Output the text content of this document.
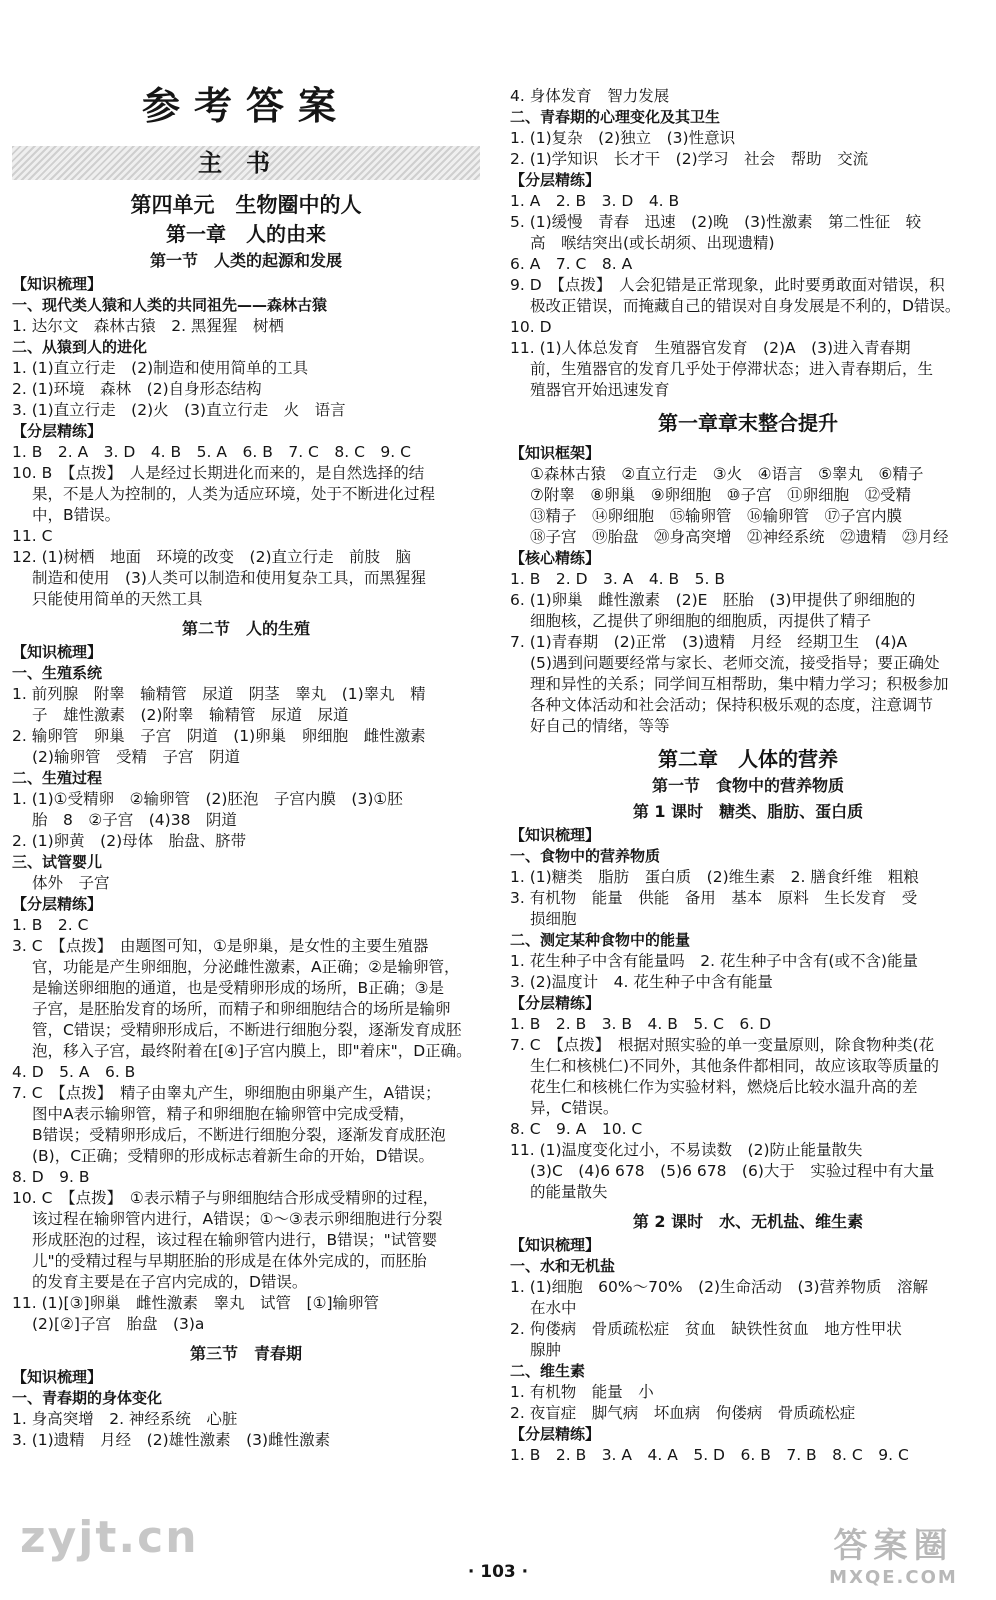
参考答案
主书
第四单元　生物圈中的人
第一章　人的由来
第一节　人类的起源和发展
【知识梳理】
一、现代类人猿和人类的共同祖先——森林古猿
1. 达尔文　森林古猿　2. 黑猩猩　树栖
二、从猿到人的进化
1. (1)直立行走　(2)制造和使用简单的工具
2. (1)环境　森林　(2)自身形态结构
3. (1)直立行走　(2)火　(3)直立行走　火　语言
【分层精练】
1. B　2. A　3. D　4. B　5. A　6. B　7. C　8. C　9. C
10. B　【点拨】　人是经过长期进化而来的，是自然选择的结
果，不是人为控制的，人类为适应环境，处于不断进化过程
中，B错误。
11. C
12. (1)树栖　地面　环境的改变　(2)直立行走　前肢　脑
制造和使用　(3)人类可以制造和使用复杂工具，而黑猩猩
只能使用简单的天然工具
第二节　人的生殖
【知识梳理】
一、生殖系统
1. 前列腺　附睾　输精管　尿道　阴茎　睾丸　(1)睾丸　精
子　雄性激素　(2)附睾　输精管　尿道　尿道
2. 输卵管　卵巢　子宫　阴道　(1)卵巢　卵细胞　雌性激素
(2)输卵管　受精　子宫　阴道
二、生殖过程
1. (1)①受精卵　②输卵管　(2)胚泡　子宫内膜　(3)①胚
胎　8　②子宫　(4)38　阴道
2. (1)卵黄　(2)母体　胎盘、脐带
三、试管婴儿
体外　子宫
【分层精练】
1. B　2. C
3. C　【点拨】　由题图可知，①是卵巢，是女性的主要生殖器
官，功能是产生卵细胞，分泌雌性激素，A正确；②是输卵管，
是输送卵细胞的通道，也是受精卵形成的场所，B正确；③是
子宫，是胚胎发育的场所，而精子和卵细胞结合的场所是输卵
管，C错误；受精卵形成后，不断进行细胞分裂，逐渐发育成胚
泡，移入子宫，最终附着在[④]子宫内膜上，即"着床"，D正确。
4. D　5. A　6. B
7. C　【点拨】　精子由睾丸产生，卵细胞由卵巢产生，A错误；
图中A表示输卵管，精子和卵细胞在输卵管中完成受精，
B错误；受精卵形成后，不断进行细胞分裂，逐渐发育成胚泡
(B)，C正确；受精卵的形成标志着新生命的开始，D错误。
8. D　9. B
10. C　【点拨】　①表示精子与卵细胞结合形成受精卵的过程，
该过程在输卵管内进行，A错误；①～③表示卵细胞进行分裂
形成胚泡的过程，该过程在输卵管内进行，B错误；"试管婴
儿"的受精过程与早期胚胎的形成是在体外完成的，而胚胎
的发育主要是在子宫内完成的，D错误。
11. (1)[③]卵巢　雌性激素　睾丸　试管　[①]输卵管
(2)[②]子宫　胎盘　(3)a
第三节　青春期
【知识梳理】
一、青春期的身体变化
1. 身高突增　2. 神经系统　心脏
3. (1)遗精　月经　(2)雄性激素　(3)雌性激素
4. 身体发育　智力发展
二、青春期的心理变化及其卫生
1. (1)复杂　(2)独立　(3)性意识
2. (1)学知识　长才干　(2)学习　社会　帮助　交流
【分层精练】
1. A　2. B　3. D　4. B
5. (1)缓慢　青春　迅速　(2)晚　(3)性激素　第二性征　较
高　喉结突出(或长胡须、出现遗精)
6. A　7. C　8. A
9. D　【点拨】　人会犯错是正常现象，此时要勇敢面对错误，积
极改正错误，而掩藏自己的错误对自身发展是不利的，D错误。
10. D
11. (1)人体总发育　生殖器官发育　(2)A　(3)进入青春期
前，生殖器官的发育几乎处于停滞状态；进入青春期后，生
殖器官开始迅速发育
第一章章末整合提升
【知识框架】
①森林古猿　②直立行走　③火　④语言　⑤睾丸　⑥精子
⑦附睾　⑧卵巢　⑨卵细胞　⑩子宫　⑪卵细胞　⑫受精
⑬精子　⑭卵细胞　⑮输卵管　⑯输卵管　⑰子宫内膜
⑱子宫　⑲胎盘　⑳身高突增　㉑神经系统　㉒遗精　㉓月经
【核心精练】
1. B　2. D　3. A　4. B　5. B
6. (1)卵巢　雌性激素　(2)E　胚胎　(3)甲提供了卵细胞的
细胞核，乙提供了卵细胞的细胞质，丙提供了精子
7. (1)青春期　(2)正常　(3)遗精　月经　经期卫生　(4)A
(5)遇到问题要经常与家长、老师交流，接受指导；要正确处
理和异性的关系；同学间互相帮助，集中精力学习；积极参加
各种文体活动和社会活动；保持积极乐观的态度，注意调节
好自己的情绪，等等
第二章　人体的营养
第一节　食物中的营养物质
第 1 课时　糖类、脂肪、蛋白质
【知识梳理】
一、食物中的营养物质
1. (1)糖类　脂肪　蛋白质　(2)维生素　2. 膳食纤维　粗粮
3. 有机物　能量　供能　备用　基本　原料　生长发育　受
损细胞
二、测定某种食物中的能量
1. 花生种子中含有能量吗　2. 花生种子中含有(或不含)能量
3. (2)温度计　4. 花生种子中含有能量
【分层精练】
1. B　2. B　3. B　4. B　5. C　6. D
7. C　【点拨】　根据对照实验的单一变量原则，除食物种类(花
生仁和核桃仁)不同外，其他条件都相同，故应该取等质量的
花生仁和核桃仁作为实验材料，燃烧后比较水温升高的差
异，C错误。
8. C　9. A　10. C
11. (1)温度变化过小，不易读数　(2)防止能量散失
(3)C　(4)6 678　(5)6 678　(6)大于　实验过程中有大量
的能量散失
第 2 课时　水、无机盐、维生素
【知识梳理】
一、水和无机盐
1. (1)细胞　60%～70%　(2)生命活动　(3)营养物质　溶解
在水中
2. 佝偻病　骨质疏松症　贫血　缺铁性贫血　地方性甲状
腺肿
二、维生素
1. 有机物　能量　小
2. 夜盲症　脚气病　坏血病　佝偻病　骨质疏松症
【分层精练】
1. B　2. B　3. A　4. A　5. D　6. B　7. B　8. C　9. C
· 103 ·
zyjt.cn	答案圈
MXQE.COM
